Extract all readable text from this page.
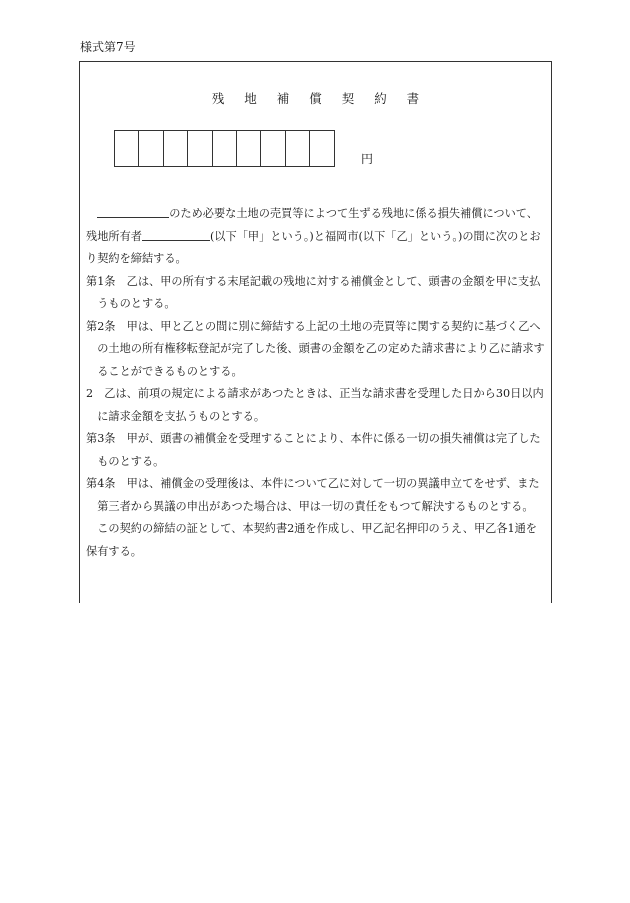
様式第7号
残 地 補 償 契 約 書
円

のため必要な土地の売買等によつて生ずる残地に係る損失補償について、残地所有者	(以下「甲」という。)と福岡市(以下「乙」という。)の間に次のとおり契約を締結する。

第1条　乙は、甲の所有する末尾記載の残地に対する補償金として、頭書の金額を甲に支払うものとする。

第2条　甲は、甲と乙との間に別に締結する上記の土地の売買等に関する契約に基づく乙への土地の所有権移転登記が完了した後、頭書の金額を乙の定めた請求書により乙に請求することができるものとする。

2　乙は、前項の規定による請求があつたときは、正当な請求書を受理した日から30日以内に請求金額を支払うものとする。

第3条　甲が、頭書の補償金を受理することにより、本件に係る一切の損失補償は完了したものとする。

第4条　甲は、補償金の受理後は、本件について乙に対して一切の異議申立てをせず、また第三者から異議の申出があつた場合は、甲は一切の責任をもつて解決するものとする。

この契約の締結の証として、本契約書2通を作成し、甲乙記名押印のうえ、甲乙各1通を保有する。
